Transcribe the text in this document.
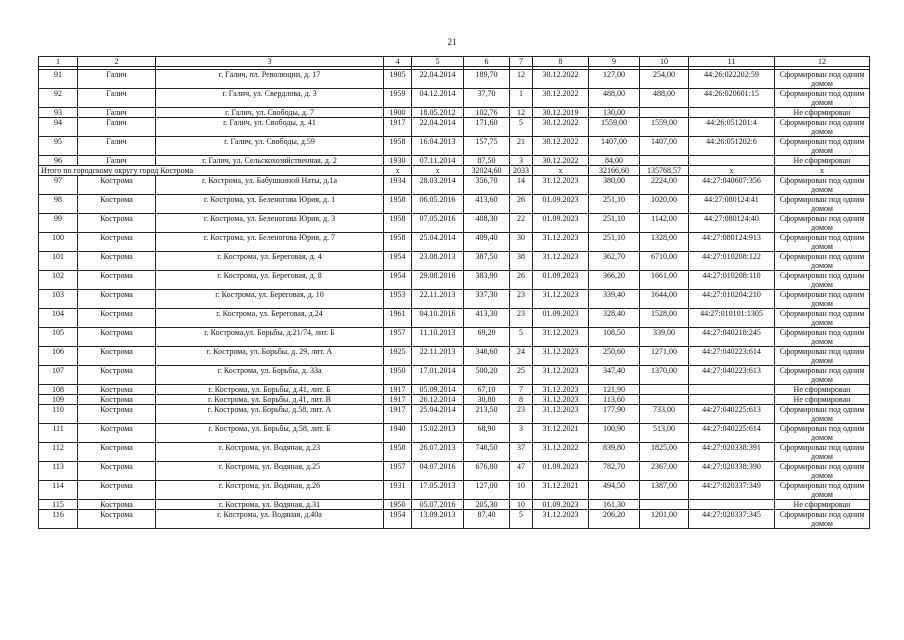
21
1	2	3	4	5	6	7	8	9	10	11	12

91	Галич	г. Галич, пл. Революции, д. 17	1905	22.04.2014	189,70	12	30.12.2022	127,00	254,00	44:26:022202:59	Сформирован под одним домом
92	Галич	г. Галич, ул. Свердлова, д. 3	1959	04.12.2014	37,70	1	30.12.2022	488,00	488,00	44:26:020601:15	Сформирован под одним домом
93	Галич	г. Галич, ул. Свободы, д. 7	1900	18.05.2012	102,76	12	30.12.2019	130,00			Не сформирован
94	Галич	г. Галич, ул. Свободы, д. 41	1917	22.04.2014	171,60	5	30.12.2022	1559,00	1559,00	44:26:051201:4	Сформирован под одним домом
95	Галич	г. Галич, ул. Свободы, д.59	1958	16.04.2013	157,75	21	30.12.2022	1407,00	1407,00	44:26:051202:6	Сформирован под одним домом
96	Галич	г. Галич, ул. Сельскохозяйственная, д. 2	1930	07.11.2014	87,50	3	30.12.2022	84,00			Не сформирован
Итого по городскому округу город Кострома			x	x	32024,60	2033	x	32166,60	135768,57	x	x
97	Кострома	г. Кострома, ул. Бабушкиной Наты, д.1а	1934	28.03.2014	356,70	14	31.12.2023	380,00	2224,00	44:27:040607:356	Сформирован под одним домом
98	Кострома	г. Кострома, ул. Беленогова Юрия, д. 1	1958	06.05.2016	413,60	26	01.09.2023	251,10	1020,00	44:27:080124:41	Сформирован под одним домом
99	Кострома	г. Кострома, ул. Беленогова Юрия, д. 3	1958	07.05.2016	408,30	22	01.09.2023	251,10	1142,00	44:27:080124:40	Сформирован под одним домом
100	Кострома	г. Кострома, ул. Беленогова Юрия, д. 7	1958	25.04.2014	409,40	30	31.12.2023	251,10	1328,00	44:27:080124:913	Сформирован под одним домом
101	Кострома	г. Кострома, ул. Береговая, д. 4	1954	23.08.2013	387,50	38	31.12.2023	362,70	6710,00	44:27:010208:122	Сформирован под одним домом
102	Кострома	г. Кострома, ул. Береговая, д. 8	1954	29.08.2016	383,90	26	01.09.2023	366,20	1661,00	44:27:010208:110	Сформирован под одним домом
103	Кострома	г. Кострома, ул. Береговая, д. 10	1953	22.11.2013	337,30	23	31.12.2023	339,40	1644,00	44:27:010204:210	Сформирован под одним домом
104	Кострома	г. Кострома, ул. Береговая, д.24	1961	04.10.2016	413,30	23	01.09.2023	328,40	1528,00	44:27:010101:1305	Сформирован под одним домом
105	Кострома	г. Кострома,ул. Борьбы, д.21/74, лит. Б	1957	11.10.2013	69,20	5	31.12.2023	108,50	339,00	44:27:040218:245	Сформирован под одним домом
106	Кострома	г. Кострома, ул. Борьбы, д. 29, лит. А	1925	22.11.2013	348,60	24	31.12.2023	250,60	1271,00	44:27:040223:614	Сформирован под одним домом
107	Кострома	г. Кострома, ул. Борьбы, д. 33а	1950	17.01.2014	500,20	25	31.12.2023	347,40	1370,00	44:27:040223:613	Сформирован под одним домом
108	Кострома	г. Кострома, ул. Борьбы, д.41, лит. Б	1917	05.09.2014	67,10	7	31.12.2023	121,90			Не сформирован
109	Кострома	г. Кострома, ул. Борьбы, д.41, лит. В	1917	26.12.2014	30,80	8	31.12.2023	113,60			Не сформирован
110	Кострома	г. Кострома, ул. Борьбы, д.58, лит. А	1917	25.04.2014	213,50	23	31.12.2023	177,90	733,00	44:27:040225:613	Сформирован под одним домом
111	Кострома	г. Кострома, ул. Борьбы, д.58, лит. Б	1940	15.02.2013	68,90	3	31.12.2021	100,90	513,00	44:27:040225:614	Сформирован под одним домом
112	Кострома	г. Кострома, ул. Водяная, д.23	1958	26.07.2013	748,50	37	31.12.2022	839,80	1825,00	44:27:020338:391	Сформирован под одним домом
113	Кострома	г. Кострома, ул. Водяная, д.25	1957	04.07.2016	676,00	47	01.09.2023	782,70	2367,00	44:27:020338:390	Сформирован под одним домом
114	Кострома	г. Кострома, ул. Водяная, д.26	1931	17.05.2013	127,00	10	31.12.2021	494,50	1387,00	44:27:020337:349	Сформирован под одним домом
115	Кострома	г. Кострома, ул. Водяная, д.31	1950	05.07.2016	205,30	10	01.09.2023	161,30			Не сформирован
116	Кострома	г. Кострома, ул. Водяная, д.40а	1954	13.09.2013	87,40	5	31.12.2023	206,20	1201,00	44:27:020337:345	Сформирован под одним домом
